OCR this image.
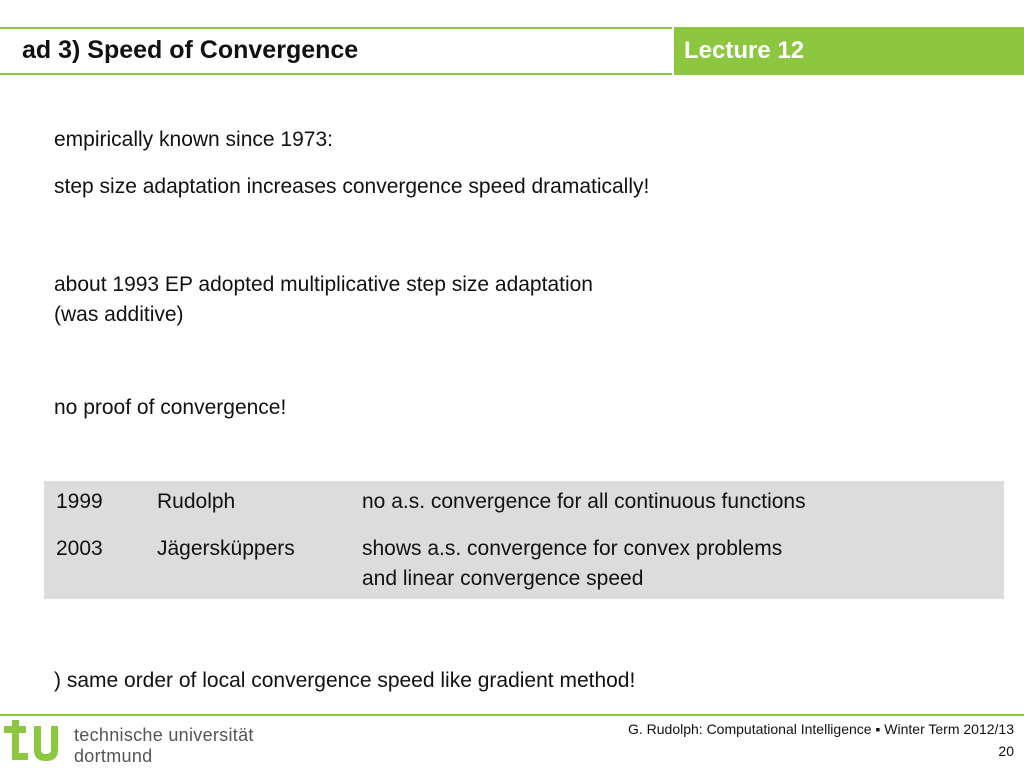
ad 3) Speed of Convergence	Lecture 12
empirically known since 1973:
step size adaptation increases convergence speed dramatically!
about 1993 EP adopted multiplicative step size adaptation
(was additive)
no proof of convergence!
1999	Rudolph	no a.s. convergence for all continuous functions
2003	Jägersküppers	shows a.s. convergence for convex problems
and linear convergence speed
) same order of local convergence speed like gradient method!
technische universität
dortmund
G. Rudolph: Computational Intelligence ▪ Winter Term 2012/13
20
